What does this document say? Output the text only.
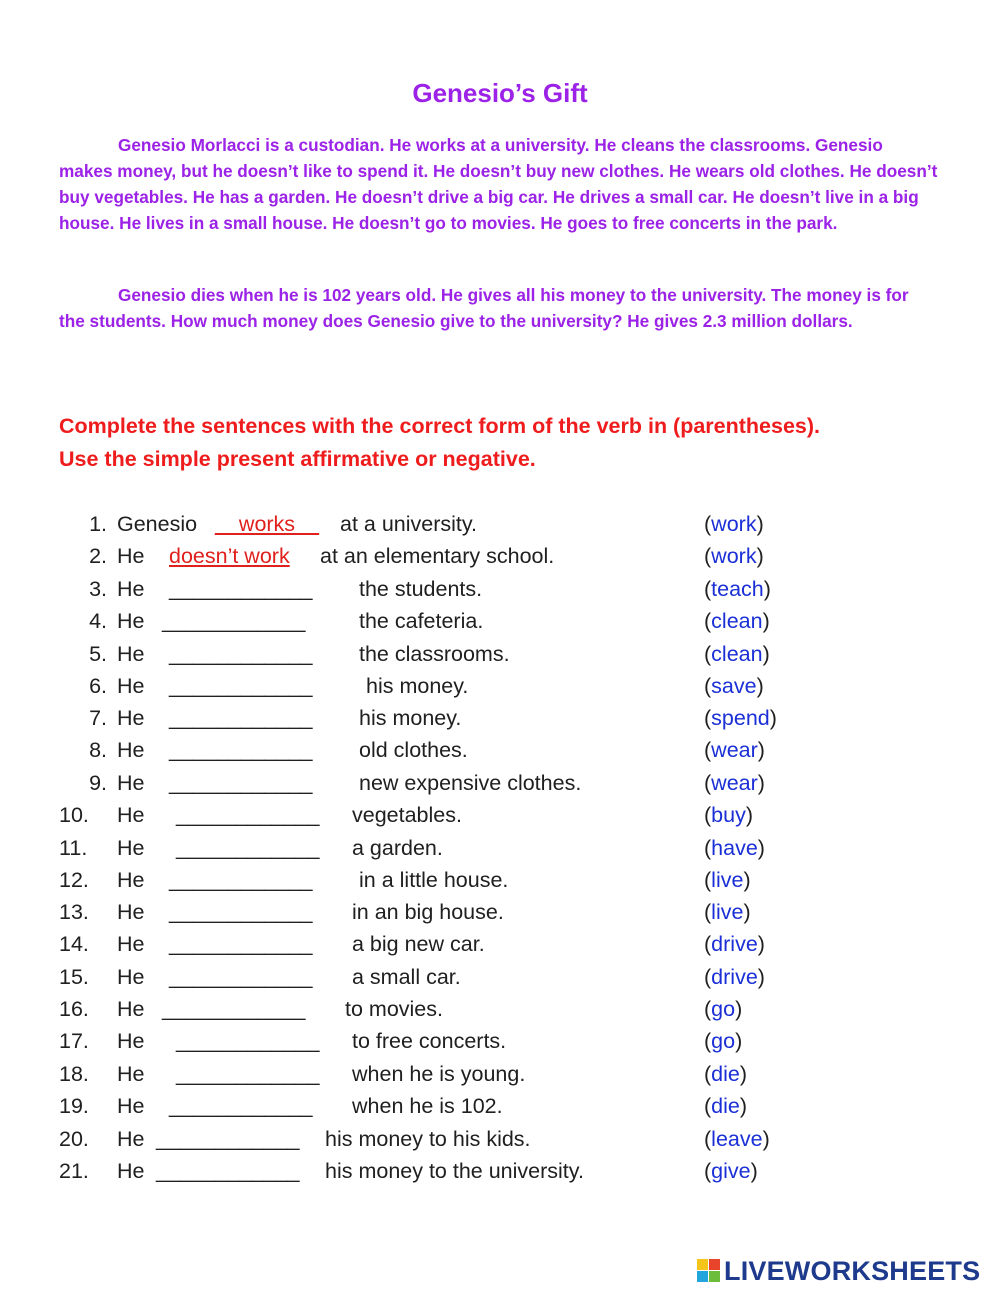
Genesio’s Gift

Genesio Morlacci is a custodian. He works at a university. He cleans the classrooms. Genesio makes money, but he doesn’t like to spend it. He doesn’t buy new clothes. He wears old clothes. He doesn’t buy vegetables. He has a garden. He doesn’t drive a big car. He drives a small car. He doesn’t live in a big house. He lives in a small house. He doesn’t go to movies. He goes to free concerts in the park.

Genesio dies when he is 102 years old. He gives all his money to the university. The money is for the students. How much money does Genesio give to the university? He gives 2.3 million dollars.

Complete the sentences with the correct form of the verb in (parentheses).
Use the simple present affirmative or negative.
1. Genesio __works__ at a university.	(work)
2. He doesn’t work at an elementary school.	(work)
3. He ____________ the students.	(teach)
4. He ____________ the cafeteria.	(clean)
5. He ____________ the classrooms.	(clean)
6. He ____________ his money.	(save)
7. He ____________ his money.	(spend)
8. He ____________ old clothes.	(wear)
9. He ____________ new expensive clothes.	(wear)
10.	He ____________ vegetables.	(buy)
11.	He ____________ a garden.	(have)
12.	He ____________ in a little house.	(live)
13.	He ____________ in an big house.	(live)
14.	He ____________ a big new car.	(drive)
15.	He ____________ a small car.	(drive)
16.	He ____________ to movies.	(go)
17.	He ____________ to free concerts.	(go)
18.	He ____________ when he is young.	(die)
19.	He ____________ when he is 102.	(die)
20.	He ____________ his money to his kids.	(leave)
21.	He ____________ his money to the university.	(give)
LIVEWORKSHEETS
